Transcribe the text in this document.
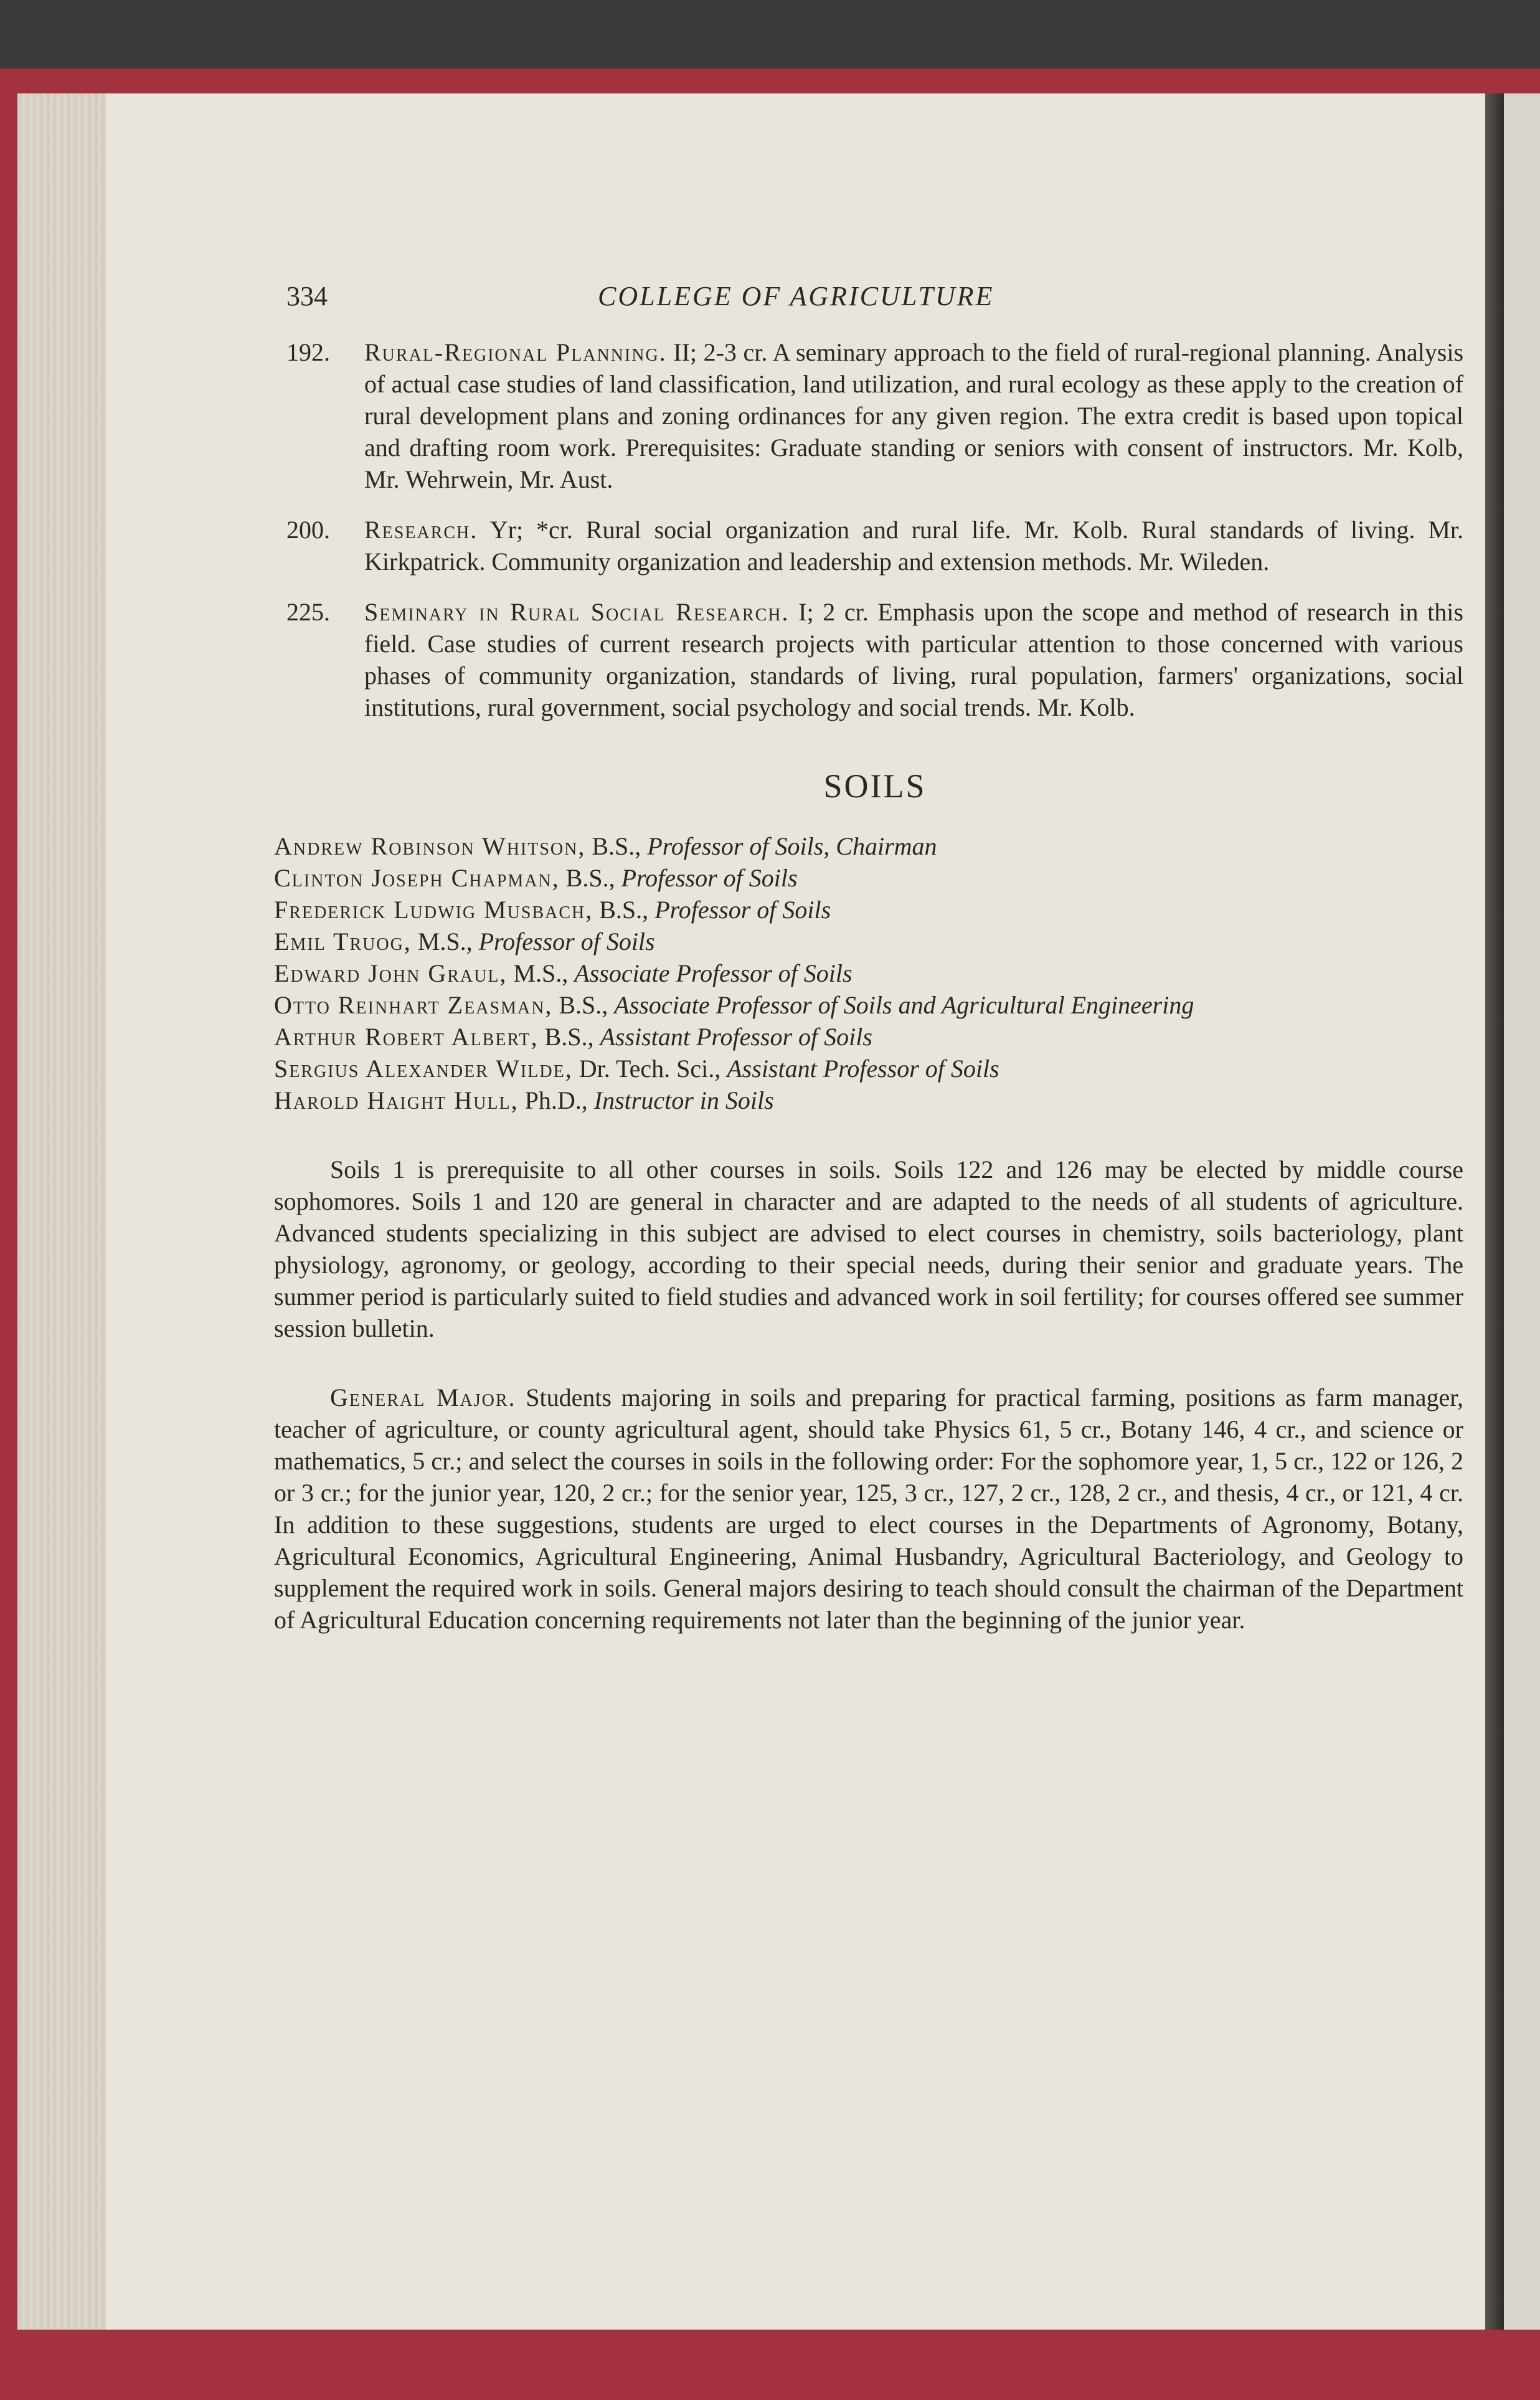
334	COLLEGE OF AGRICULTURE
192. Rural-Regional Planning. II; 2-3 cr. A seminary approach to the field of rural-regional planning. Analysis of actual case studies of land classification, land utilization, and rural ecology as these apply to the creation of rural development plans and zoning ordinances for any given region. The extra credit is based upon topical and drafting room work. Prerequisites: Graduate standing or seniors with consent of instructors. Mr. Kolb, Mr. Wehrwein, Mr. Aust.
200. Research. Yr; *cr. Rural social organization and rural life. Mr. Kolb. Rural standards of living. Mr. Kirkpatrick. Community organization and leadership and extension methods. Mr. Wileden.
225. Seminary in Rural Social Research. I; 2 cr. Emphasis upon the scope and method of research in this field. Case studies of current research projects with particular attention to those concerned with various phases of community organization, standards of living, rural population, farmers' organizations, social institutions, rural government, social psychology and social trends. Mr. Kolb.
SOILS
Andrew Robinson Whitson, B.S., Professor of Soils, Chairman
Clinton Joseph Chapman, B.S., Professor of Soils
Frederick Ludwig Musbach, B.S., Professor of Soils
Emil Truog, M.S., Professor of Soils
Edward John Graul, M.S., Associate Professor of Soils
Otto Reinhart Zeasman, B.S., Associate Professor of Soils and Agricultural Engineering
Arthur Robert Albert, B.S., Assistant Professor of Soils
Sergius Alexander Wilde, Dr. Tech. Sci., Assistant Professor of Soils
Harold Haight Hull, Ph.D., Instructor in Soils

Soils 1 is prerequisite to all other courses in soils. Soils 122 and 126 may be elected by middle course sophomores. Soils 1 and 120 are general in character and are adapted to the needs of all students of agriculture. Advanced students specializing in this subject are advised to elect courses in chemistry, soils bacteriology, plant physiology, agronomy, or geology, according to their special needs, during their senior and graduate years. The summer period is particularly suited to field studies and advanced work in soil fertility; for courses offered see summer session bulletin.

General Major. Students majoring in soils and preparing for practical farming, positions as farm manager, teacher of agriculture, or county agricultural agent, should take Physics 61, 5 cr., Botany 146, 4 cr., and science or mathematics, 5 cr.; and select the courses in soils in the following order: For the sophomore year, 1, 5 cr., 122 or 126, 2 or 3 cr.; for the junior year, 120, 2 cr.; for the senior year, 125, 3 cr., 127, 2 cr., 128, 2 cr., and thesis, 4 cr., or 121, 4 cr. In addition to these suggestions, students are urged to elect courses in the Departments of Agronomy, Botany, Agricultural Economics, Agricultural Engineering, Animal Husbandry, Agricultural Bacteriology, and Geology to supplement the required work in soils. General majors desiring to teach should consult the chairman of the Department of Agricultural Education concerning requirements not later than the beginning of the junior year.
